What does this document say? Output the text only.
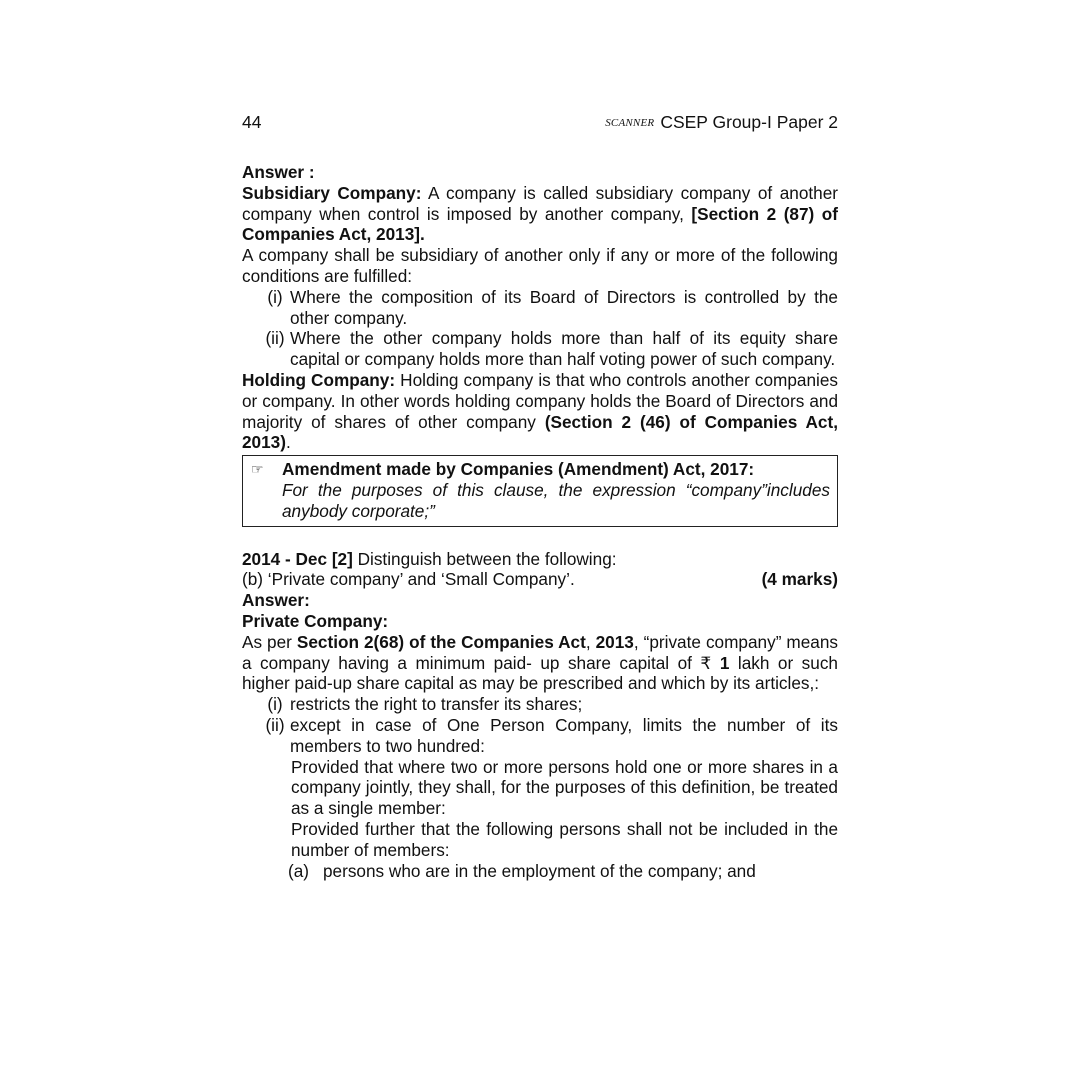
44	SCANNER CSEP Group-I Paper 2

Answer :

Subsidiary Company: A company is called subsidiary company of another company when control is imposed by another company, [Section 2 (87) of Companies Act, 2013].

A company shall be subsidiary of another only if any or more of the following conditions are fulfilled:

(i) Where the composition of its Board of Directors is controlled by the other company.
(ii) Where the other company holds more than half of its equity share capital or company holds more than half voting power of such company.

Holding Company: Holding company is that who controls another companies or company. In other words holding company holds the Board of Directors and majority of shares of other company (Section 2 (46) of Companies Act, 2013).

☞	Amendment made by Companies (Amendment) Act, 2017:

For the purposes of this clause, the expression “company”includes anybody corporate;”

2014 - Dec [2] Distinguish between the following:

(b) ‘Private company’ and ‘Small Company’.	(4 marks)

Answer:

Private Company:

As per Section 2(68) of the Companies Act, 2013, “private company” means a company having a minimum paid- up share capital of ₹ 1 lakh or such higher paid-up share capital as may be prescribed and which by its articles,:

(i) restricts the right to transfer its shares;
(ii) except in case of One Person Company, limits the number of its members to two hundred:

Provided that where two or more persons hold one or more shares in a company jointly, they shall, for the purposes of this definition, be treated as a single member:

Provided further that the following persons shall not be included in the number of members:

(a) persons who are in the employment of the company; and
